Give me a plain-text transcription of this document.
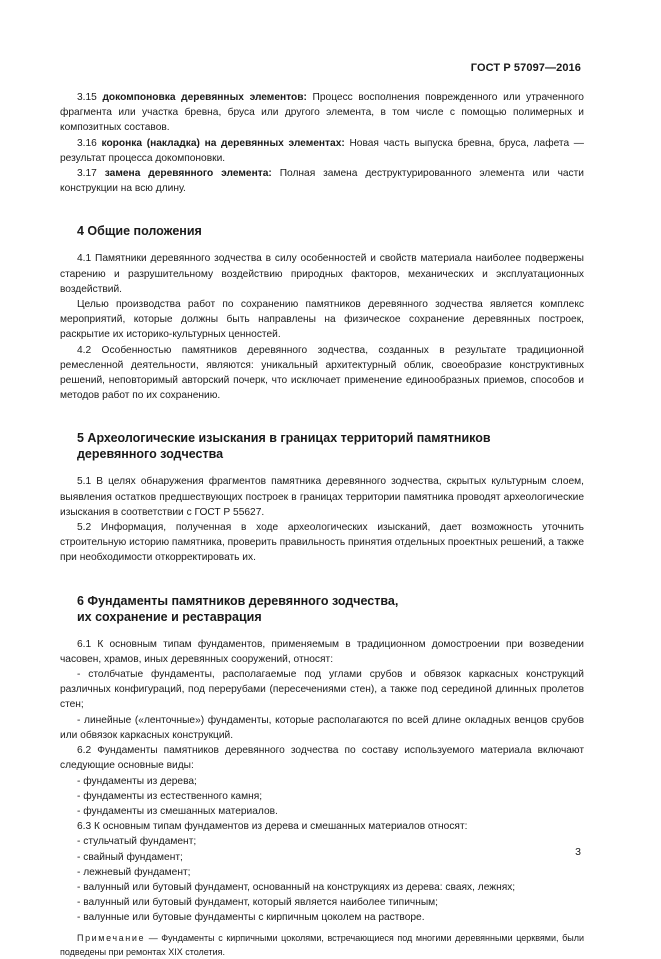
ГОСТ Р 57097—2016

3.15 докомпоновка деревянных элементов: Процесс восполнения поврежденного или утраченного фрагмента или участка бревна, бруса или другого элемента, в том числе с помощью полимерных и композитных составов.

3.16 коронка (накладка) на деревянных элементах: Новая часть выпуска бревна, бруса, лафета — результат процесса докомпоновки.

3.17 замена деревянного элемента: Полная замена деструктурированного элемента или части конструкции на всю длину.

4 Общие положения

4.1 Памятники деревянного зодчества в силу особенностей и свойств материала наиболее подвержены старению и разрушительному воздействию природных факторов, механических и эксплуатационных воздействий.

Целью производства работ по сохранению памятников деревянного зодчества является комплекс мероприятий, которые должны быть направлены на физическое сохранение деревянных построек, раскрытие их историко-культурных ценностей.

4.2 Особенностью памятников деревянного зодчества, созданных в результате традиционной ремесленной деятельности, являются: уникальный архитектурный облик, своеобразие конструктивных решений, неповторимый авторский почерк, что исключает применение единообразных приемов, способов и методов работ по их сохранению.

5 Археологические изыскания в границах территорий памятников
деревянного зодчества

5.1 В целях обнаружения фрагментов памятника деревянного зодчества, скрытых культурным слоем, выявления остатков предшествующих построек в границах территории памятника проводят археологические изыскания в соответствии с ГОСТ Р 55627.

5.2 Информация, полученная в ходе археологических изысканий, дает возможность уточнить строительную историю памятника, проверить правильность принятия отдельных проектных решений, а также при необходимости откорректировать их.

6 Фундаменты памятников деревянного зодчества,
их сохранение и реставрация

6.1 К основным типам фундаментов, применяемым в традиционном домостроении при возведении часовен, храмов, иных деревянных сооружений, относят:

- столбчатые фундаменты, располагаемые под углами срубов и обвязок каркасных конструкций различных конфигураций, под перерубами (пересечениями стен), а также под серединой длинных пролетов стен;

- линейные («ленточные») фундаменты, которые располагаются по всей длине окладных венцов срубов или обвязок каркасных конструкций.

6.2 Фундаменты памятников деревянного зодчества по составу используемого материала включают следующие основные виды:

- фундаменты из дерева;

- фундаменты из естественного камня;

- фундаменты из смешанных материалов.

6.3 К основным типам фундаментов из дерева и смешанных материалов относят:

- стульчатый фундамент;

- свайный фундамент;

- лежневый фундамент;

- валунный или бутовый фундамент, основанный на конструкциях из дерева: сваях, лежнях;

- валунный или бутовый фундамент, который является наиболее типичным;

- валунные или бутовые фундаменты с кирпичным цоколем на растворе.

Примечание — Фундаменты с кирпичными цоколями, встречающиеся под многими деревянными церквями, были подведены при ремонтах XIX столетия.

3
